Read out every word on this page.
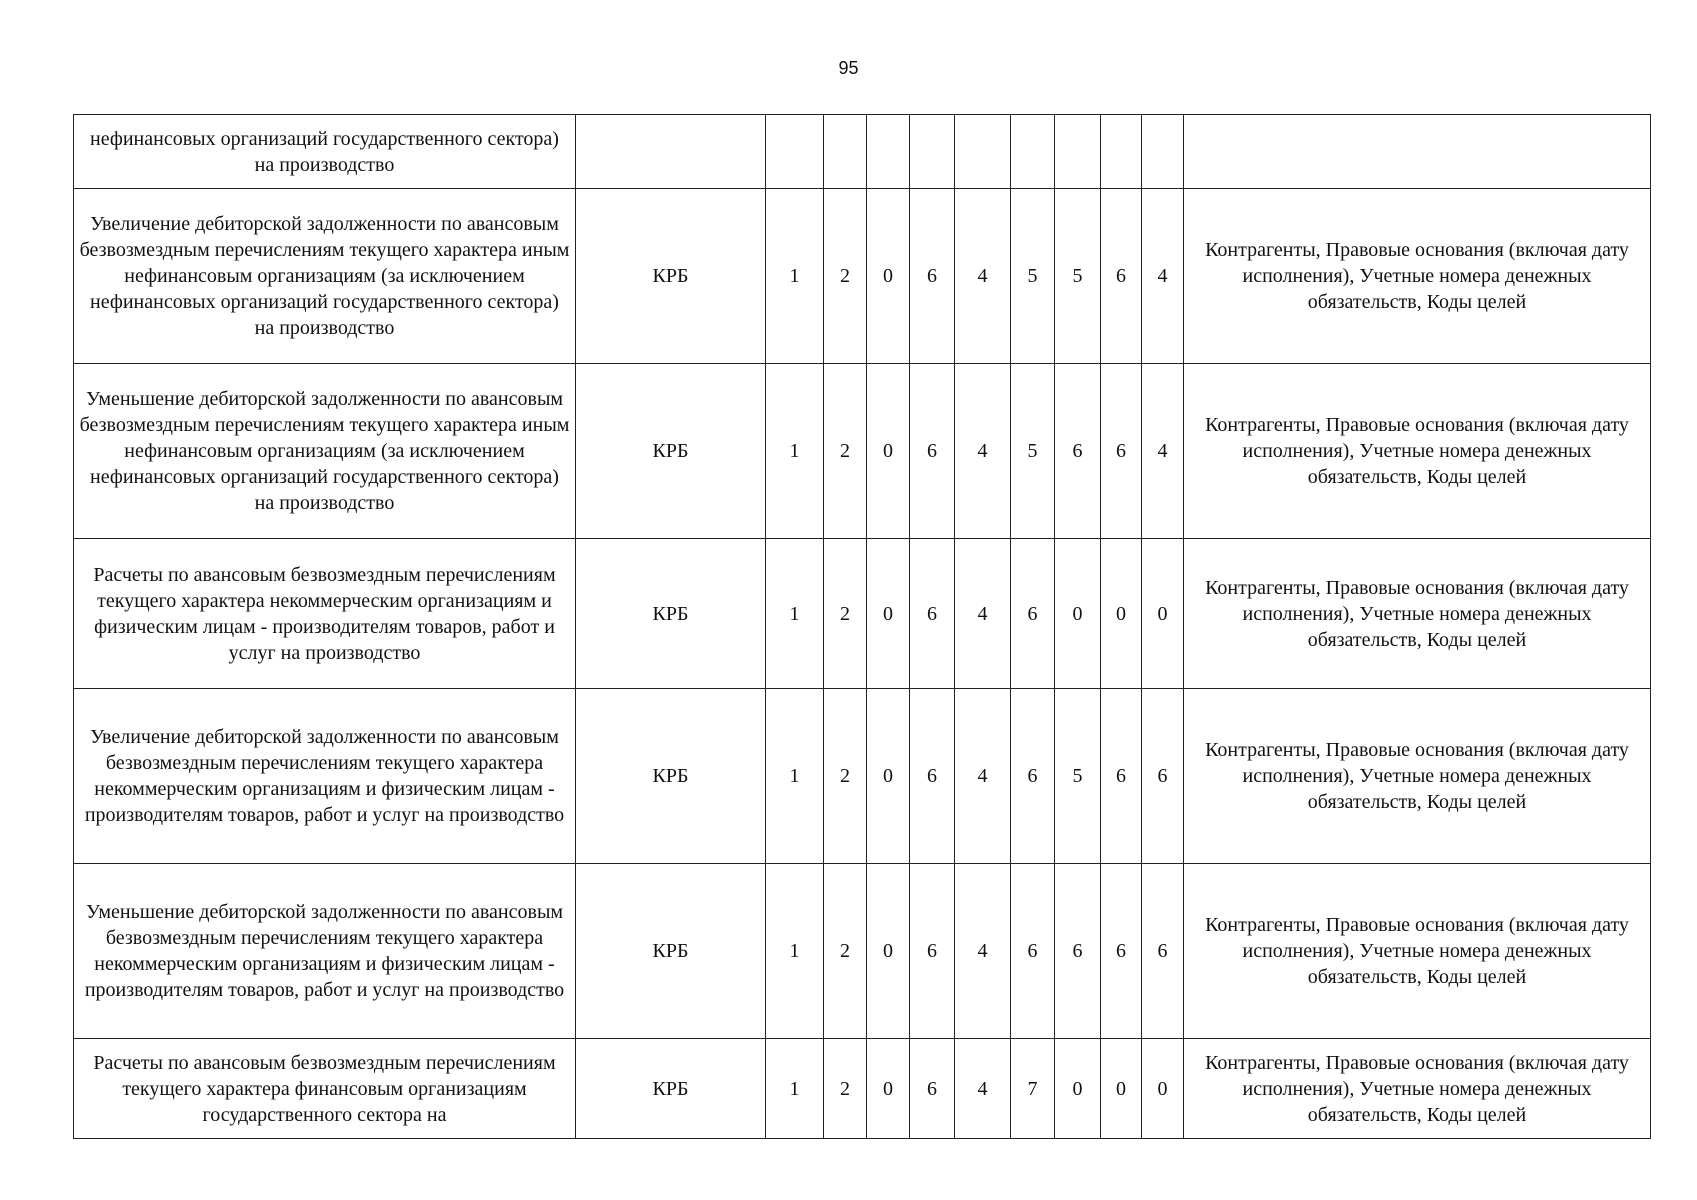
95
нефинансовых организаций государственного сектора) на производство											
Увеличение дебиторской задолженности по авансовым безвозмездным перечислениям текущего характера иным нефинансовым организациям (за исключением нефинансовых организаций государственного сектора) на производство	КРБ	1	2	0	6	4	5	5	6	4	Контрагенты, Правовые основания (включая дату исполнения), Учетные номера денежных обязательств, Коды целей
Уменьшение дебиторской задолженности по авансовым безвозмездным перечислениям текущего характера иным нефинансовым организациям (за исключением нефинансовых организаций государственного сектора) на производство	КРБ	1	2	0	6	4	5	6	6	4	Контрагенты, Правовые основания (включая дату исполнения), Учетные номера денежных обязательств, Коды целей
Расчеты по авансовым безвозмездным перечислениям текущего характера некоммерческим организациям и физическим лицам - производителям товаров, работ и услуг на производство	КРБ	1	2	0	6	4	6	0	0	0	Контрагенты, Правовые основания (включая дату исполнения), Учетные номера денежных обязательств, Коды целей
Увеличение дебиторской задолженности по авансовым безвозмездным перечислениям текущего характера некоммерческим организациям и физическим лицам - производителям товаров, работ и услуг на производство	КРБ	1	2	0	6	4	6	5	6	6	Контрагенты, Правовые основания (включая дату исполнения), Учетные номера денежных обязательств, Коды целей
Уменьшение дебиторской задолженности по авансовым безвозмездным перечислениям текущего характера некоммерческим организациям и физическим лицам - производителям товаров, работ и услуг на производство	КРБ	1	2	0	6	4	6	6	6	6	Контрагенты, Правовые основания (включая дату исполнения), Учетные номера денежных обязательств, Коды целей
Расчеты по авансовым безвозмездным перечислениям текущего характера финансовым организациям государственного сектора на	КРБ	1	2	0	6	4	7	0	0	0	Контрагенты, Правовые основания (включая дату исполнения), Учетные номера денежных обязательств, Коды целей
